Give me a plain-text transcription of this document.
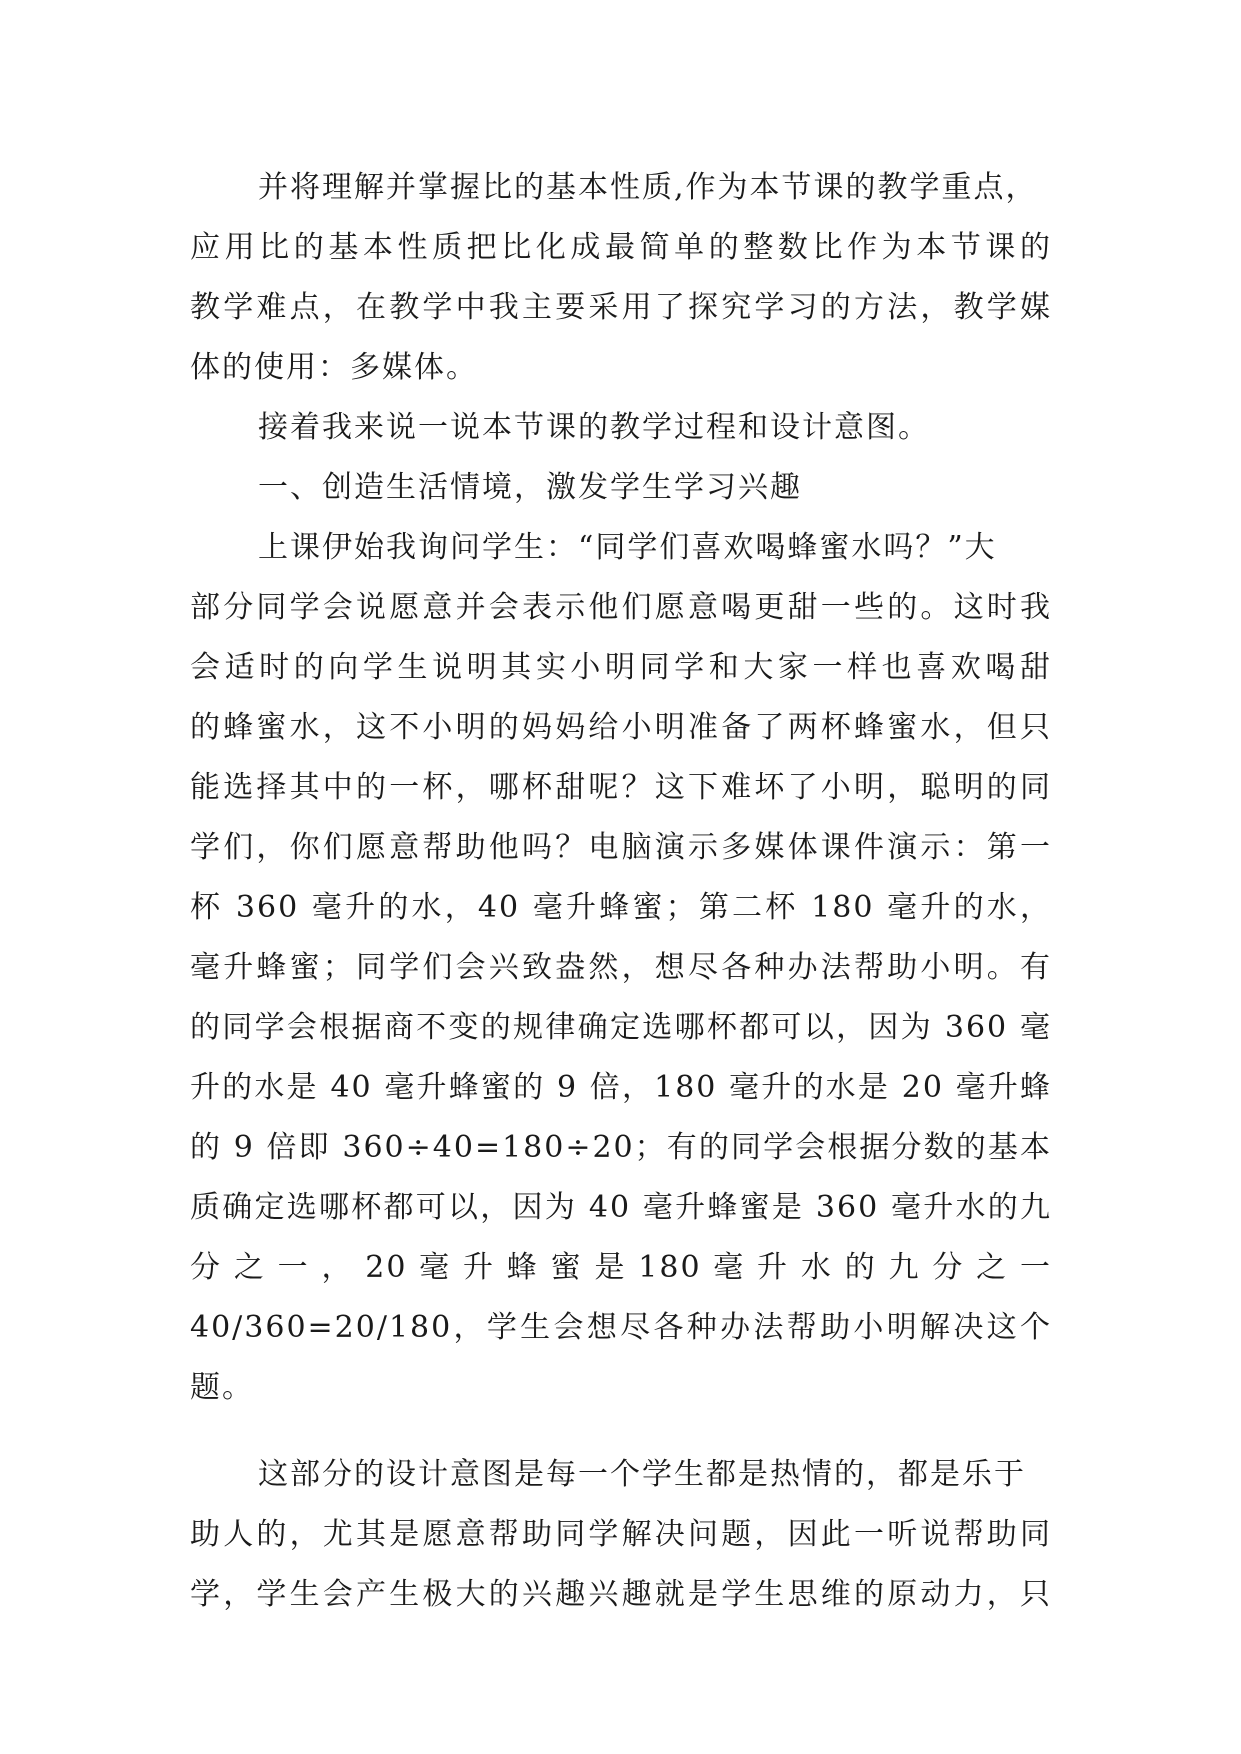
并将理解并掌握比的基本性质,作为本节课的教学重点，
应用比的基本性质把比化成最简单的整数比作为本节课的
教学难点，在教学中我主要采用了探究学习的方法，教学媒
体的使用：多媒体。
接着我来说一说本节课的教学过程和设计意图。
一、创造生活情境，激发学生学习兴趣
上课伊始我询问学生：“同学们喜欢喝蜂蜜水吗？”大
部分同学会说愿意并会表示他们愿意喝更甜一些的。这时我
会适时的向学生说明其实小明同学和大家一样也喜欢喝甜
的蜂蜜水，这不小明的妈妈给小明准备了两杯蜂蜜水，但只
能选择其中的一杯，哪杯甜呢？这下难坏了小明，聪明的同
学们，你们愿意帮助他吗？电脑演示多媒体课件演示：第一
杯 360 毫升的水，40 毫升蜂蜜；第二杯 180 毫升的水，
毫升蜂蜜；同学们会兴致盎然，想尽各种办法帮助小明。有
的同学会根据商不变的规律确定选哪杯都可以，因为 360 毫
升的水是 40 毫升蜂蜜的 9 倍，180 毫升的水是 20 毫升蜂
的 9 倍即 360÷40=180÷20；有的同学会根据分数的基本
质确定选哪杯都可以，因为 40 毫升蜂蜜是 360 毫升水的九
分 之 一 ， 20 毫 升 蜂 蜜 是 180 毫 升 水 的 九 分 之 一
40/360=20/180，学生会想尽各种办法帮助小明解决这个
题。
这部分的设计意图是每一个学生都是热情的，都是乐于
助人的，尤其是愿意帮助同学解决问题，因此一听说帮助同
学，学生会产生极大的兴趣兴趣就是学生思维的原动力，只
